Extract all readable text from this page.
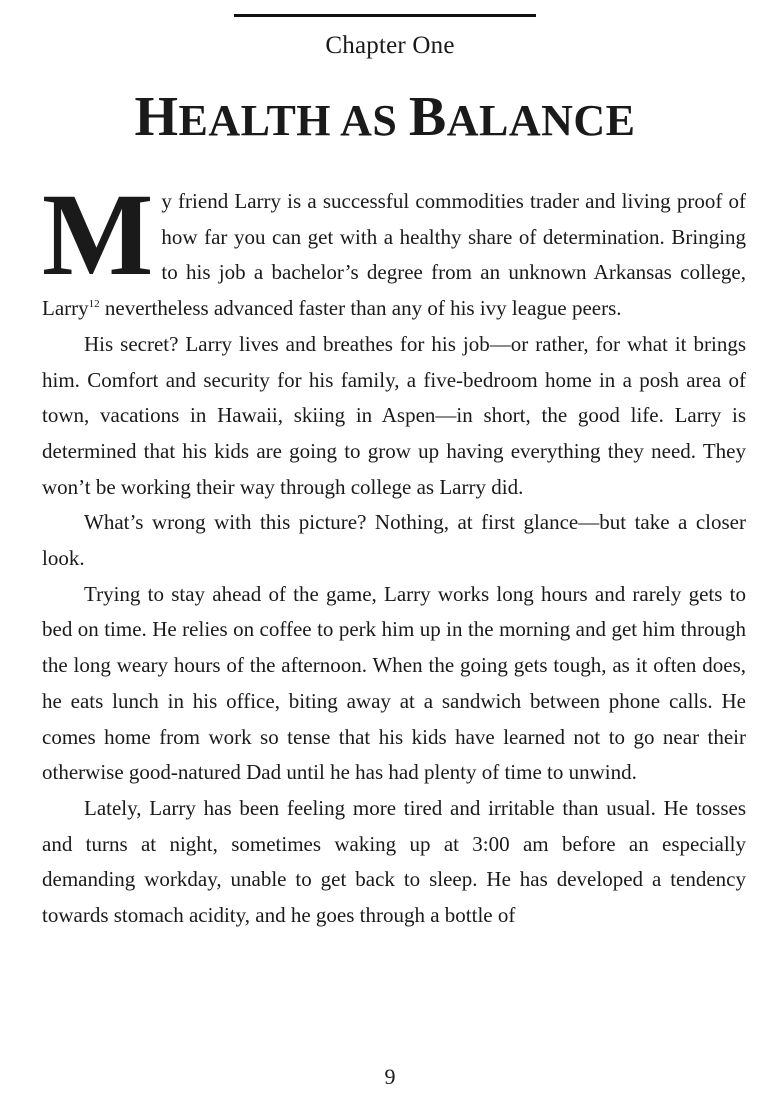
Chapter One
HEALTH AS BALANCE

My friend Larry is a successful commodities trader and living proof of how far you can get with a healthy share of determination. Bringing to his job a bachelor’s degree from an unknown Arkansas college, Larry$^{12}$ nevertheless advanced faster than any of his ivy league peers.

His secret? Larry lives and breathes for his job—or rather, for what it brings him. Comfort and security for his family, a five-bedroom home in a posh area of town, vacations in Hawaii, skiing in Aspen—in short, the good life. Larry is determined that his kids are going to grow up having everything they need. They won’t be working their way through college as Larry did.

What’s wrong with this picture? Nothing, at first glance—but take a closer look.

Trying to stay ahead of the game, Larry works long hours and rarely gets to bed on time. He relies on coffee to perk him up in the morning and get him through the long weary hours of the afternoon. When the going gets tough, as it often does, he eats lunch in his office, biting away at a sandwich between phone calls. He comes home from work so tense that his kids have learned not to go near their otherwise good-natured Dad until he has had plenty of time to unwind.

Lately, Larry has been feeling more tired and irritable than usual. He tosses and turns at night, sometimes waking up at 3:00 am before an especially demanding workday, unable to get back to sleep. He has developed a tendency towards stomach acidity, and he goes through a bottle of

9
